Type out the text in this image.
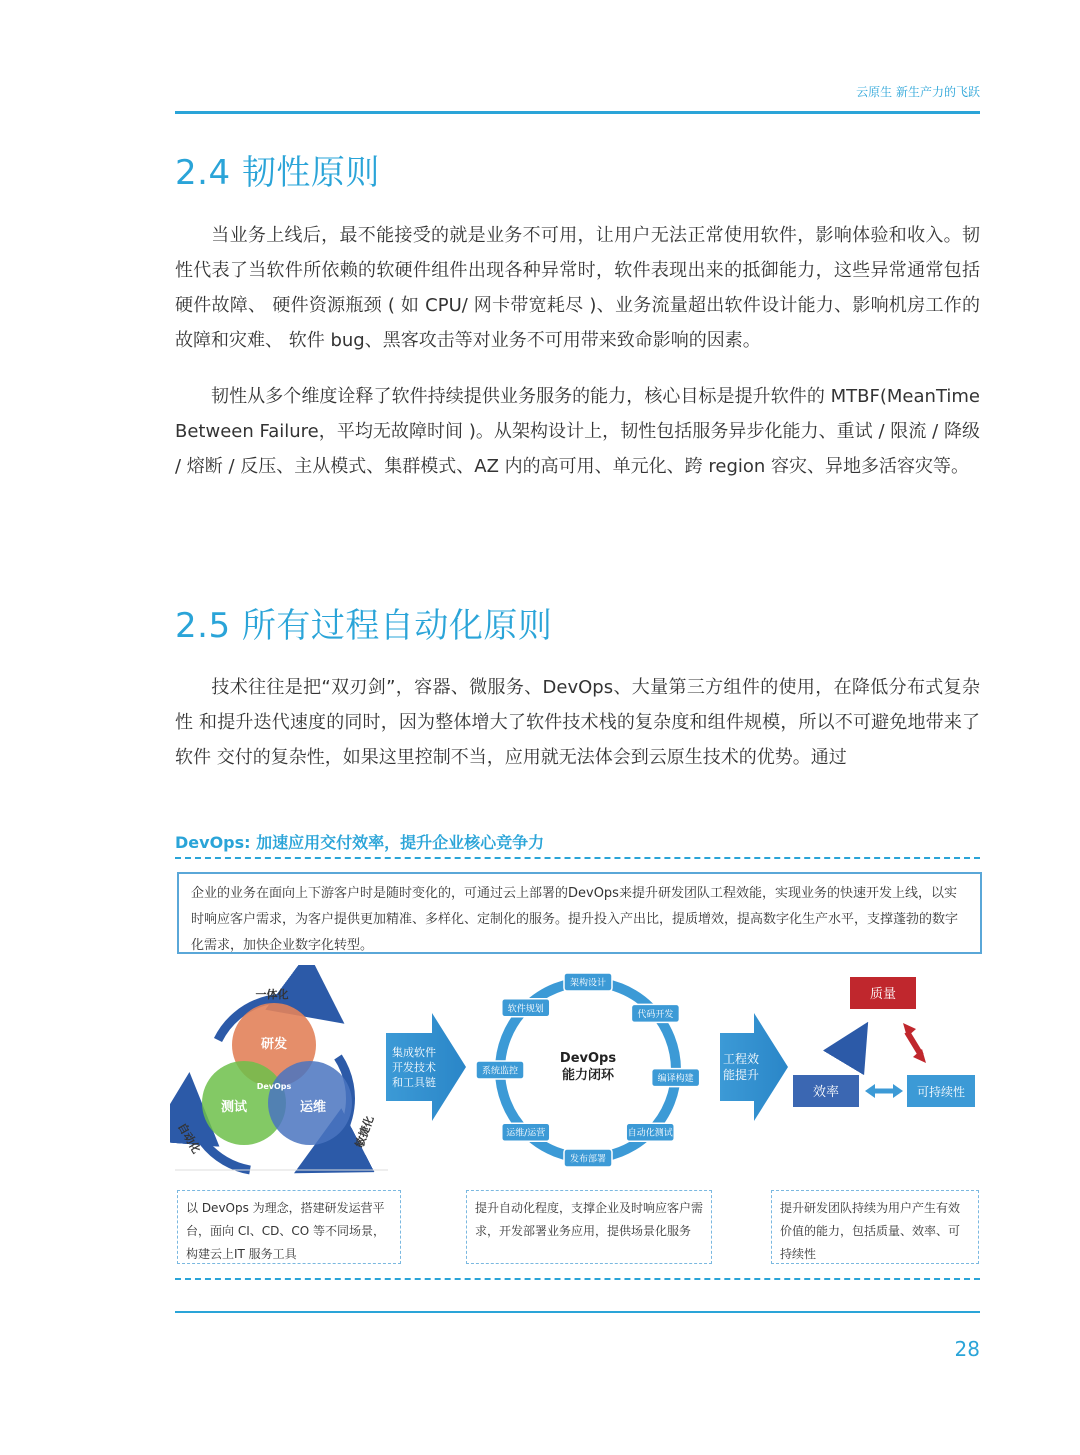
云原生 新生产力的飞跃
2.4 韧性原则

当业务上线后，最不能接受的就是业务不可用，让用户无法正常使用软件，影响体验和收入。韧性代表了当软件所依赖的软硬件组件出现各种异常时，软件表现出来的抵御能力，这些异常通常包括硬件故障、 硬件资源瓶颈 ( 如 CPU/ 网卡带宽耗尽 )、业务流量超出软件设计能力、影响机房工作的故障和灾难、 软件 bug、黑客攻击等对业务不可用带来致命影响的因素。

韧性从多个维度诠释了软件持续提供业务服务的能力，核心目标是提升软件的 MTBF(MeanTime Between Failure，平均无故障时间 )。从架构设计上，韧性包括服务异步化能力、重试 / 限流 / 降级 / 熔断 / 反压、主从模式、集群模式、AZ 内的高可用、单元化、跨 region 容灾、异地多活容灾等。

2.5 所有过程自动化原则

技术往往是把“双刃剑”，容器、微服务、DevOps、大量第三方组件的使用，在降低分布式复杂性 和提升迭代速度的同时，因为整体增大了软件技术栈的复杂度和组件规模，所以不可避免地带来了软件 交付的复杂性，如果这里控制不当，应用就无法体会到云原生技术的优势。通过

DevOps: 加速应用交付效率，提升企业核心竞争力
企业的业务在面向上下游客户时是随时变化的，可通过云上部署的DevOps来提升研发团队工程效能，实现业务的快速开发上线，以实时响应客户需求，为客户提供更加精准、多样化、定制化的服务。提升投入产出比，提质增效，提高数字化生产水平，支撑蓬勃的数字化需求，加快企业数字化转型。
研发
测试	运维
DevOps
一体化
自动化	敏捷化
集成软件
开发技术
和工具链
DevOps
能力闭环
架构设计
代码开发
编译构建
自动化测试
发布部署
运维/运营
系统监控
软件规划
工程效
能提升
质量
效率	可持续性
以 DevOps 为理念，搭建研发运营平台，面向 CI、CD、CO 等不同场景，构建云上IT 服务工具
提升自动化程度，支撑企业及时响应客户需求，开发部署业务应用，提供场景化服务
提升研发团队持续为用户产生有效价值的能力，包括质量、效率、可持续性
28
